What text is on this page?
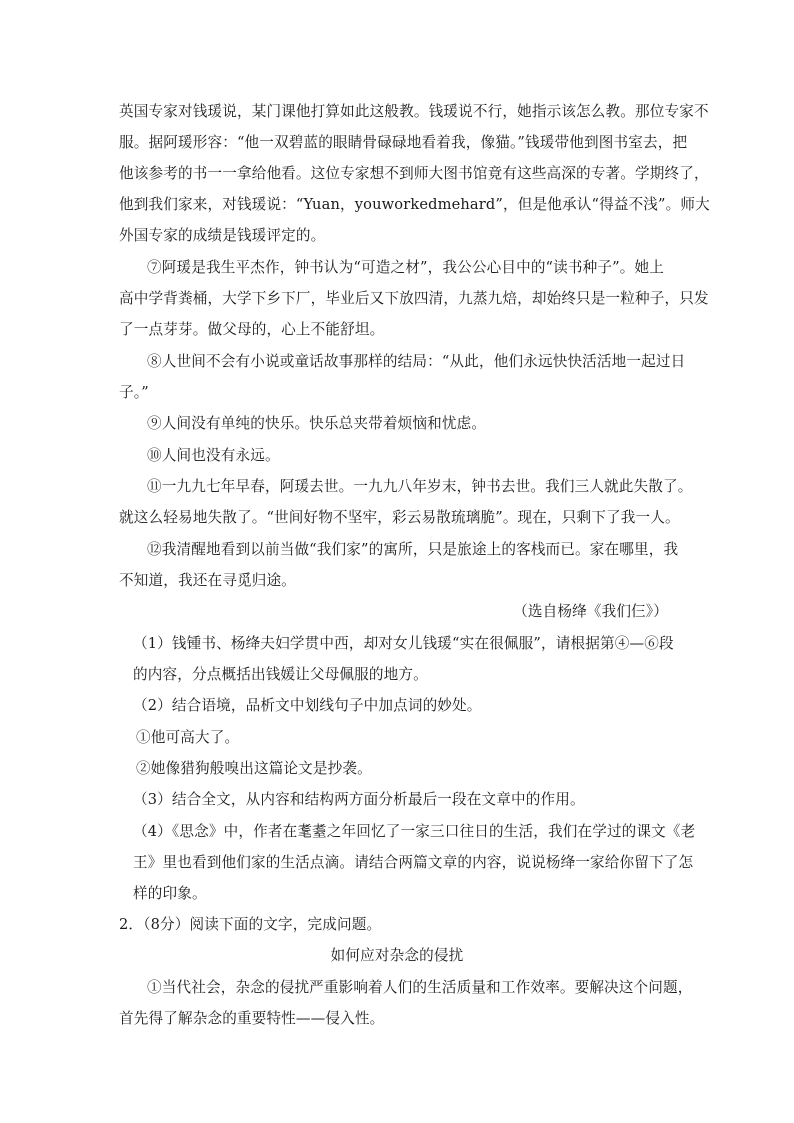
英国专家对钱瑗说，某门课他打算如此这般教。钱瑗说不行，她指示该怎么教。那位专家不
服。据阿瑗形容：“他一双碧蓝的眼睛骨碌碌地看着我，像猫。”钱瑗带他到图书室去，把
他该参考的书一一拿给他看。这位专家想不到师大图书馆竟有这些高深的专著。学期终了，
他到我们家来，对钱瑗说：“Yuan，youworkedmehard”，但是他承认“得益不浅”。师大
外国专家的成绩是钱瑗评定的。
⑦阿瑗是我生平杰作，钟书认为“可造之材”，我公公心目中的“读书种子”。她上
高中学背粪桶，大学下乡下厂，毕业后又下放四清，九蒸九焙，却始终只是一粒种子，只发
了一点芽芽。做父母的，心上不能舒坦。
⑧人世间不会有小说或童话故事那样的结局：“从此，他们永远快快活活地一起过日
子。”
⑨人间没有单纯的快乐。快乐总夹带着烦恼和忧虑。
⑩人间也没有永远。
⑪一九九七年早春，阿瑗去世。一九九八年岁末，钟书去世。我们三人就此失散了。
就这么轻易地失散了。“世间好物不坚牢，彩云易散琉璃脆”。现在，只剩下了我一人。
⑫我清醒地看到以前当做“我们家”的寓所，只是旅途上的客栈而已。家在哪里，我
不知道，我还在寻觅归途。
（选自杨绛《我们仨》）
（1）钱锺书、杨绛夫妇学贯中西，却对女儿钱瑗“实在很佩服”，请根据第④—⑥段
的内容，分点概括出钱媛让父母佩服的地方。
（2）结合语境，品析文中划线句子中加点词的妙处。
①他可高大了。
②她像猎狗般嗅出这篇论文是抄袭。
（3）结合全文，从内容和结构两方面分析最后一段在文章中的作用。
（4）《思念》中，作者在耄耋之年回忆了一家三口往日的生活，我们在学过的课文《老
王》里也看到他们家的生活点滴。请结合两篇文章的内容，说说杨绛一家给你留下了怎
样的印象。
2．（8分）阅读下面的文字，完成问题。
如何应对杂念的侵扰
①当代社会，杂念的侵扰严重影响着人们的生活质量和工作效率。要解决这个问题，
首先得了解杂念的重要特性——侵入性。
